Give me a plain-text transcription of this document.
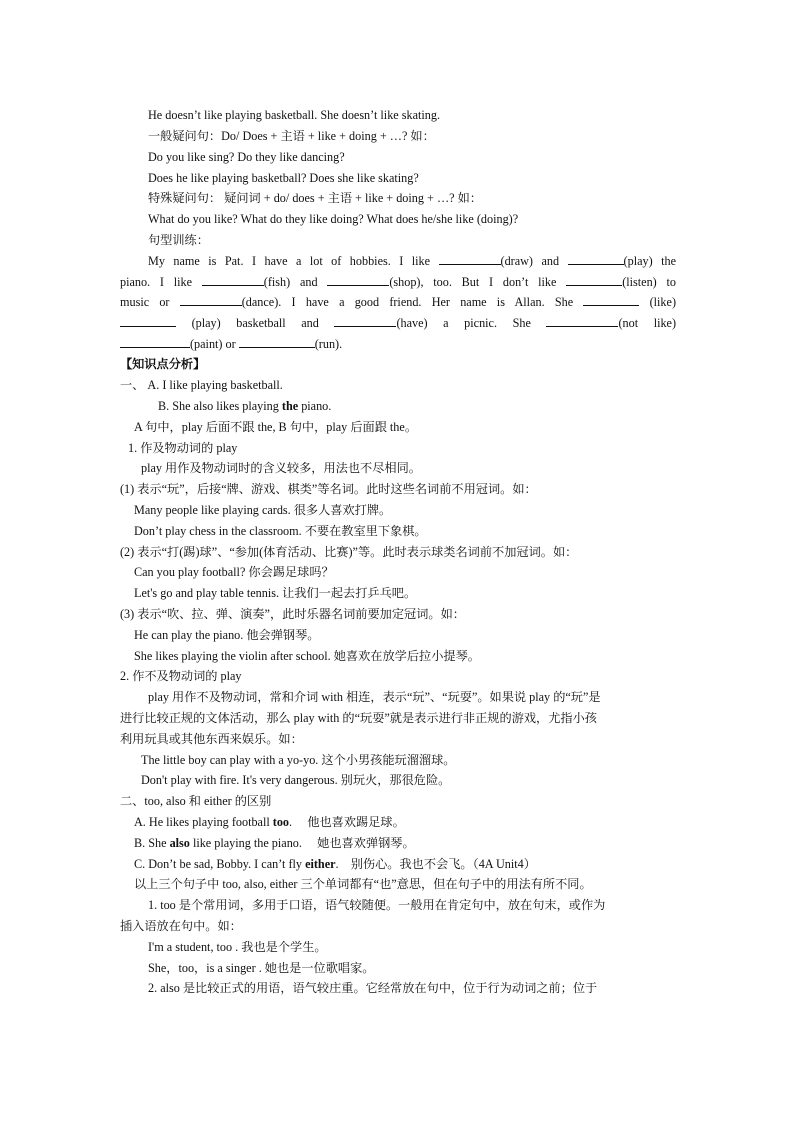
He doesn’t like playing basketball. She doesn’t like skating.
一般疑问句：Do/ Does + 主语 + like + doing + …? 如：
Do you like sing? Do they like dancing?
Does he like playing basketball? Does she like skating?
特殊疑问句： 疑问词 + do/ does + 主语 + like + doing + …? 如：
What do you like? What do they like doing? What does he/she like (doing)?
句型训练：
My name is Pat. I have a lot of hobbies. I like	(draw) and	(play) the
piano. I like	(fish) and	(shop), too. But I don’t like	(listen) to
music or	(dance). I have a good friend. Her name is Allan. She	(like)
(play) basketball and	(have) a picnic. She	(not like)
(paint) or	(run).
【知识点分析】
一、 A. I like playing basketball.
B. She also likes playing the piano.
A 句中，play 后面不跟 the, B 句中，play 后面跟 the。
1. 作及物动词的 play
play 用作及物动词时的含义较多，用法也不尽相同。
(1) 表示“玩”，后接“牌、游戏、棋类”等名词。此时这些名词前不用冠词。如：
Many people like playing cards. 很多人喜欢打牌。
Don’t play chess in the classroom. 不要在教室里下象棋。
(2) 表示“打(踢)球”、“参加(体育活动、比赛)”等。此时表示球类名词前不加冠词。如：
Can you play football? 你会踢足球吗？
Let's go and play table tennis. 让我们一起去打乒乓吧。
(3) 表示“吹、拉、弹、演奏”，此时乐器名词前要加定冠词。如：
He can play the piano. 他会弹钢琴。
She likes playing the violin after school. 她喜欢在放学后拉小提琴。
2. 作不及物动词的 play
play 用作不及物动词，常和介词 with 相连，表示“玩”、“玩耍”。如果说 play 的“玩”是
进行比较正规的文体活动，那么 play with 的“玩耍”就是表示进行非正规的游戏，尤指小孩
利用玩具或其他东西来娱乐。如：
The little boy can play with a yo-yo. 这个小男孩能玩溜溜球。
Don't play with fire. It's very dangerous. 别玩火，那很危险。
二、too, also 和 either 的区别
A. He likes playing football too.     他也喜欢踢足球。
B. She also like playing the piano.     她也喜欢弹钢琴。
C. Don’t be sad, Bobby. I can’t fly either.    别伤心。我也不会飞。（4A Unit4）
以上三个句子中 too, also, either 三个单词都有“也”意思，但在句子中的用法有所不同。
1. too 是个常用词，多用于口语，语气较随便。一般用在肯定句中，放在句末，或作为
插入语放在句中。如：
I'm a student, too . 我也是个学生。
She，too，is a singer . 她也是一位歌唱家。
2. also 是比较正式的用语，语气较庄重。它经常放在句中，位于行为动词之前；位于
